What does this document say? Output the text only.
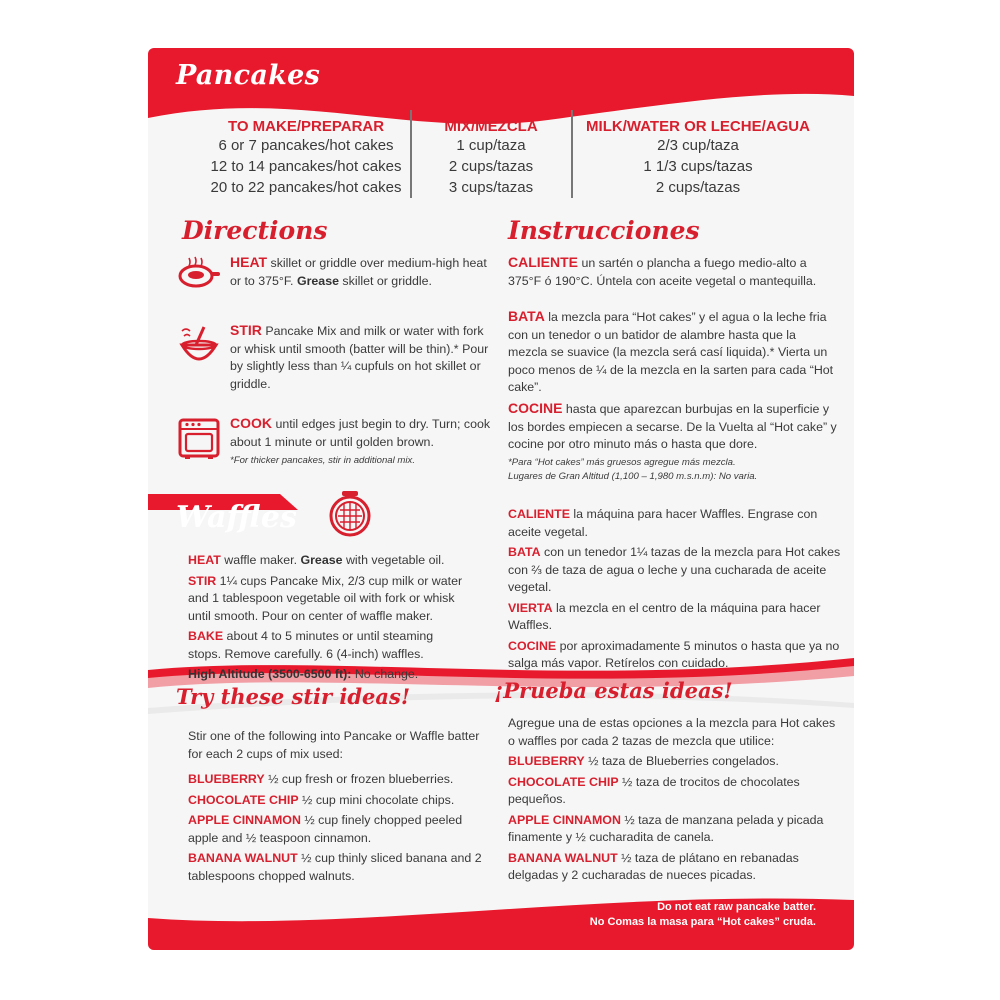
Pancakes
TO MAKE/PREPARAR
6 or 7 pancakes/hot cakes
12 to 14 pancakes/hot cakes
20 to 22 pancakes/hot cakes
MIX/MEZCLA
1 cup/taza
2 cups/tazas
3 cups/tazas
MILK/WATER OR LECHE/AGUA
2/3 cup/taza
1 1/3 cups/tazas
2 cups/tazas
Directions
HEAT skillet or griddle over medium-high heat or to 375°F. Grease skillet or griddle.
STIR Pancake Mix and milk or water with fork or whisk until smooth (batter will be thin).* Pour by slightly less than ¼ cupfuls on hot skillet or griddle.
COOK until edges just begin to dry. Turn; cook about 1 minute or until golden brown.
*For thicker pancakes, stir in additional mix.
Instrucciones
CALIENTE un sartén o plancha a fuego medio-alto a 375°F ó 190°C. Úntela con aceite vegetal o mantequilla.
BATA la mezcla para “Hot cakes” y el agua o la leche fria con un tenedor o un batidor de alambre hasta que la mezcla se suavice (la mezcla será casí liquida).* Vierta un poco menos de ¼ de la mezcla en la sarten para cada “Hot cake”.
COCINE hasta que aparezcan burbujas en la superficie y los bordes empiecen a secarse. De la Vuelta al “Hot cake” y cocine por otro minuto más o hasta que dore.
*Para “Hot cakes” más gruesos agregue más mezcla.
Lugares de Gran Altitud (1,100 – 1,980 m.s.n.m): No varia.
Waffles
HEAT waffle maker. Grease with vegetable oil.
STIR 1¼ cups Pancake Mix, 2/3 cup milk or water and 1 tablespoon vegetable oil with fork or whisk until smooth. Pour on center of waffle maker.
BAKE about 4 to 5 minutes or until steaming stops. Remove carefully. 6 (4-inch) waffles.
High Altitude (3500-6500 ft): No change.
CALIENTE la máquina para hacer Waffles. Engrase con aceite vegetal.
BATA con un tenedor 1¼ tazas de la mezcla para Hot cakes con ⅔ de taza de agua o leche y una cucharada de aceite vegetal.
VIERTA la mezcla en el centro de la máquina para hacer Waffles.
COCINE por aproximadamente 5 minutos o hasta que ya no salga más vapor. Retírelos con cuidado.
Try these stir ideas!
Stir one of the following into Pancake or Waffle batter for each 2 cups of mix used:
BLUEBERRY ½ cup fresh or frozen blueberries.
CHOCOLATE CHIP ½ cup mini chocolate chips.
APPLE CINNAMON ½ cup finely chopped peeled apple and ½ teaspoon cinnamon.
BANANA WALNUT ½ cup thinly sliced banana and 2 tablespoons chopped walnuts.
¡Prueba estas ideas!
Agregue una de estas opciones a la mezcla para Hot cakes o waffles por cada 2 tazas de mezcla que utilice:
BLUEBERRY ½ taza de Blueberries congelados.
CHOCOLATE CHIP ½ taza de trocitos de chocolates pequeños.
APPLE CINNAMON ½ taza de manzana pelada y picada finamente y ½ cucharadita de canela.
BANANA WALNUT ½ taza de plátano en rebanadas delgadas y 2 cucharadas de nueces picadas.
Do not eat raw pancake batter.
No Comas la masa para “Hot cakes” cruda.
